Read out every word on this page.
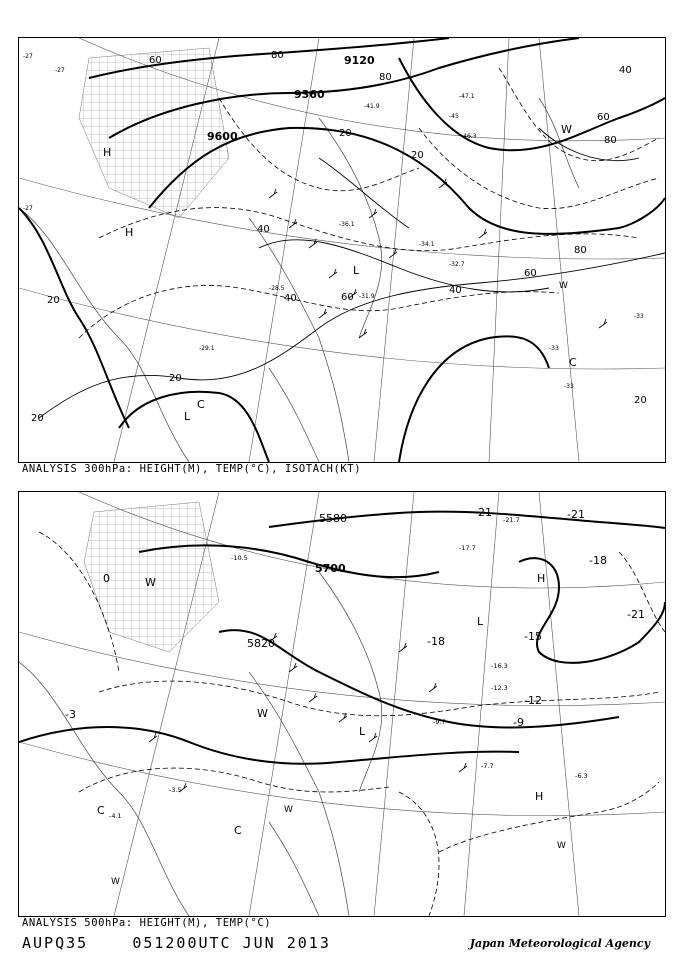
9120
9360
9600
20
20
20
20
20
20
40
40
40
40
60
60
60
60
80
80
80
80
-27
-27
-27
-33
-33
-33
-31.9
-32.7
-34.1
-36.1
-41.9
-45
-46.3
-47.1
-29.1
-28.5
H
H
L
L
C
C
W
W
ANALYSIS 300hPa: HEIGHT(M), TEMP(°C), ISOTACH(KT)
5580
5700
5820
-3
-9
-12
-15
-18
-18
-21	-21
-21
0
-10.5
-17.7
-16.3
-12.3
-9.7
-7.7
-6.3
-4.1
-3.5
-21.7
W
W
W
W
L
L
H
H
C
C
W
ANALYSIS 500hPa: HEIGHT(M), TEMP(°C)
AUPQ35	051200UTC JUN 2013	Japan Meteorological Agency
